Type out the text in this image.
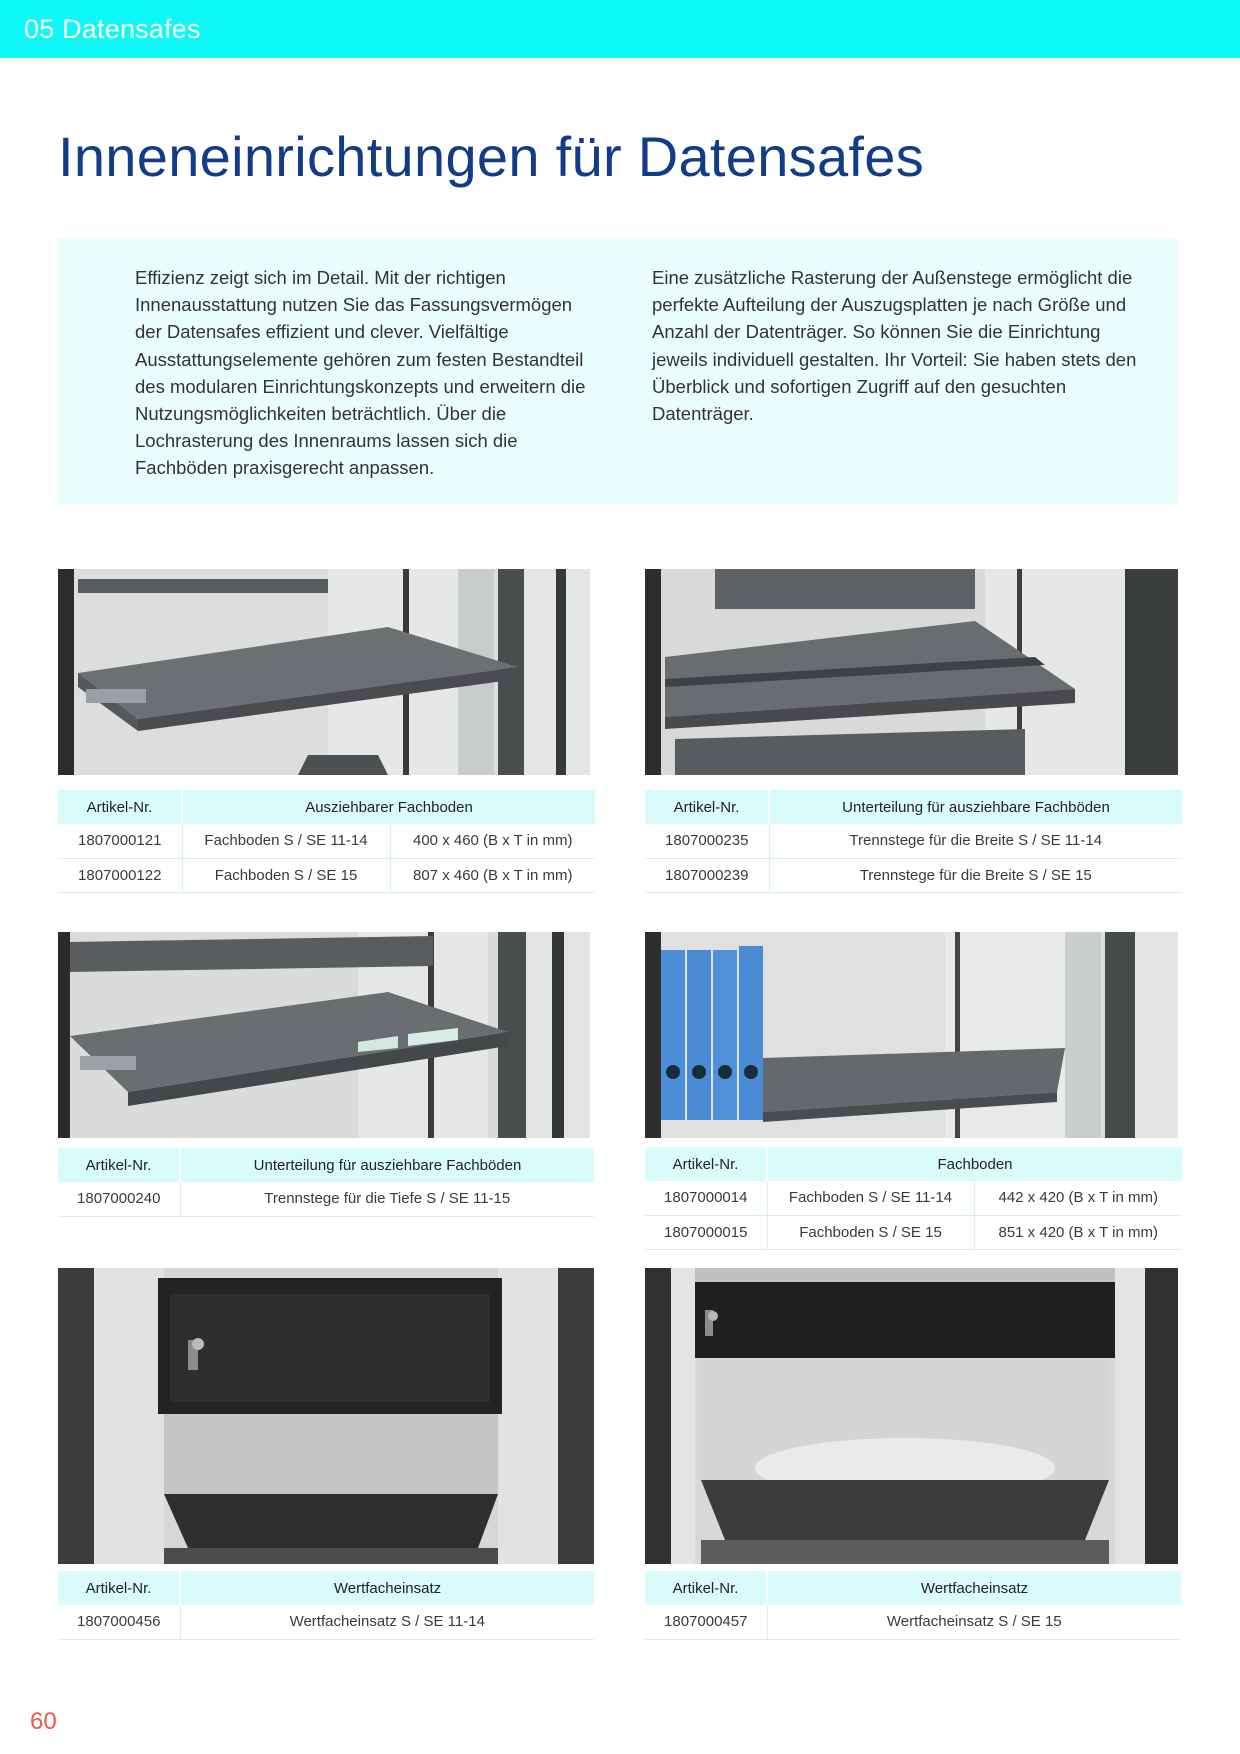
05 Datensafes
Inneneinrichtungen für Datensafes

Effizienz zeigt sich im Detail. Mit der richtigen Innenausstattung nutzen Sie das Fassungsvermögen der Datensafes effizient und clever. Vielfältige Ausstattungselemente gehören zum festen Bestandteil des modularen Einrichtungskonzepts und erweitern die Nutzungsmöglichkeiten beträchtlich. Über die Lochrasterung des Innenraums lassen sich die Fachböden praxisgerecht anpassen.

Eine zusätzliche Rasterung der Außenstege ermöglicht die perfekte Aufteilung der Auszugsplatten je nach Größe und Anzahl der Datenträger. So können Sie die Einrichtung jeweils individuell gestalten. Ihr Vorteil: Sie haben stets den Überblick und sofortigen Zugriff auf den gesuchten Datenträger.

Artikel-Nr.	Ausziehbarer Fachboden	
1807000121	Fachboden S / SE 11-14	400 x 460 (B x T in mm)
1807000122	Fachboden S / SE 15	807 x 460 (B x T in mm)
Artikel-Nr.	Unterteilung für ausziehbare Fachböden
1807000235	Trennstege für die Breite S / SE 11-14
1807000239	Trennstege für die Breite S / SE 15
Artikel-Nr.	Unterteilung für ausziehbare Fachböden
1807000240	Trennstege für die Tiefe S / SE 11-15
Artikel-Nr.	Fachboden	
1807000014	Fachboden S / SE 11-14	442 x 420 (B x T in mm)
1807000015	Fachboden S / SE 15	851 x 420 (B x T in mm)
Artikel-Nr.	Wertfacheinsatz
1807000456	Wertfacheinsatz S / SE 11-14
Artikel-Nr.	Wertfacheinsatz
1807000457	Wertfacheinsatz S / SE 15
60
